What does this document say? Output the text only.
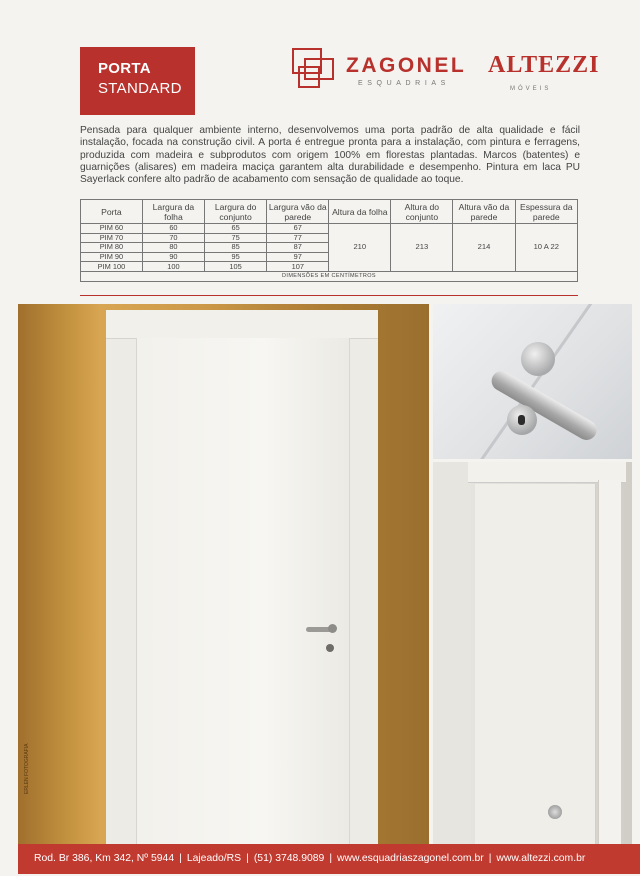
PORTA
STANDARD
ZAGONEL
ESQUADRIAS
ALTEZZI
MÓVEIS
Pensada para qualquer ambiente interno, desenvolvemos uma porta padrão de alta qualidade e fácil instalação, focada na construção civil. A porta é entregue pronta para a instalação, com pintura e ferragens, produzida com madeira e subprodutos com origem 100% em florestas plantadas. Marcos (batentes) e guarnições (alisares) em madeira maciça garantem alta durabilidade e desempenho. Pintura em laca PU Sayerlack confere alto padrão de acabamento com sensação de qualidade ao toque.
Porta	Largura da folha	Largura do conjunto	Largura vão da parede	Altura da folha	Altura do conjunto	Altura vão da parede	Espessura da parede
PIM 60	60	65	67	210	213	214	10 A 22
PIM 70	70	75	77				
PIM 80	80	85	87				
PIM 90	90	95	97				
PIM 100	100	105	107				
DIMENSÕES EM CENTÍMETROS							
ERLEN FOTOGRAFIA
Rod. Br 386, Km 342, Nº 5944 | Lajeado/RS | (51) 3748.9089 | www.esquadriaszagonel.com.br | www.altezzi.com.br
